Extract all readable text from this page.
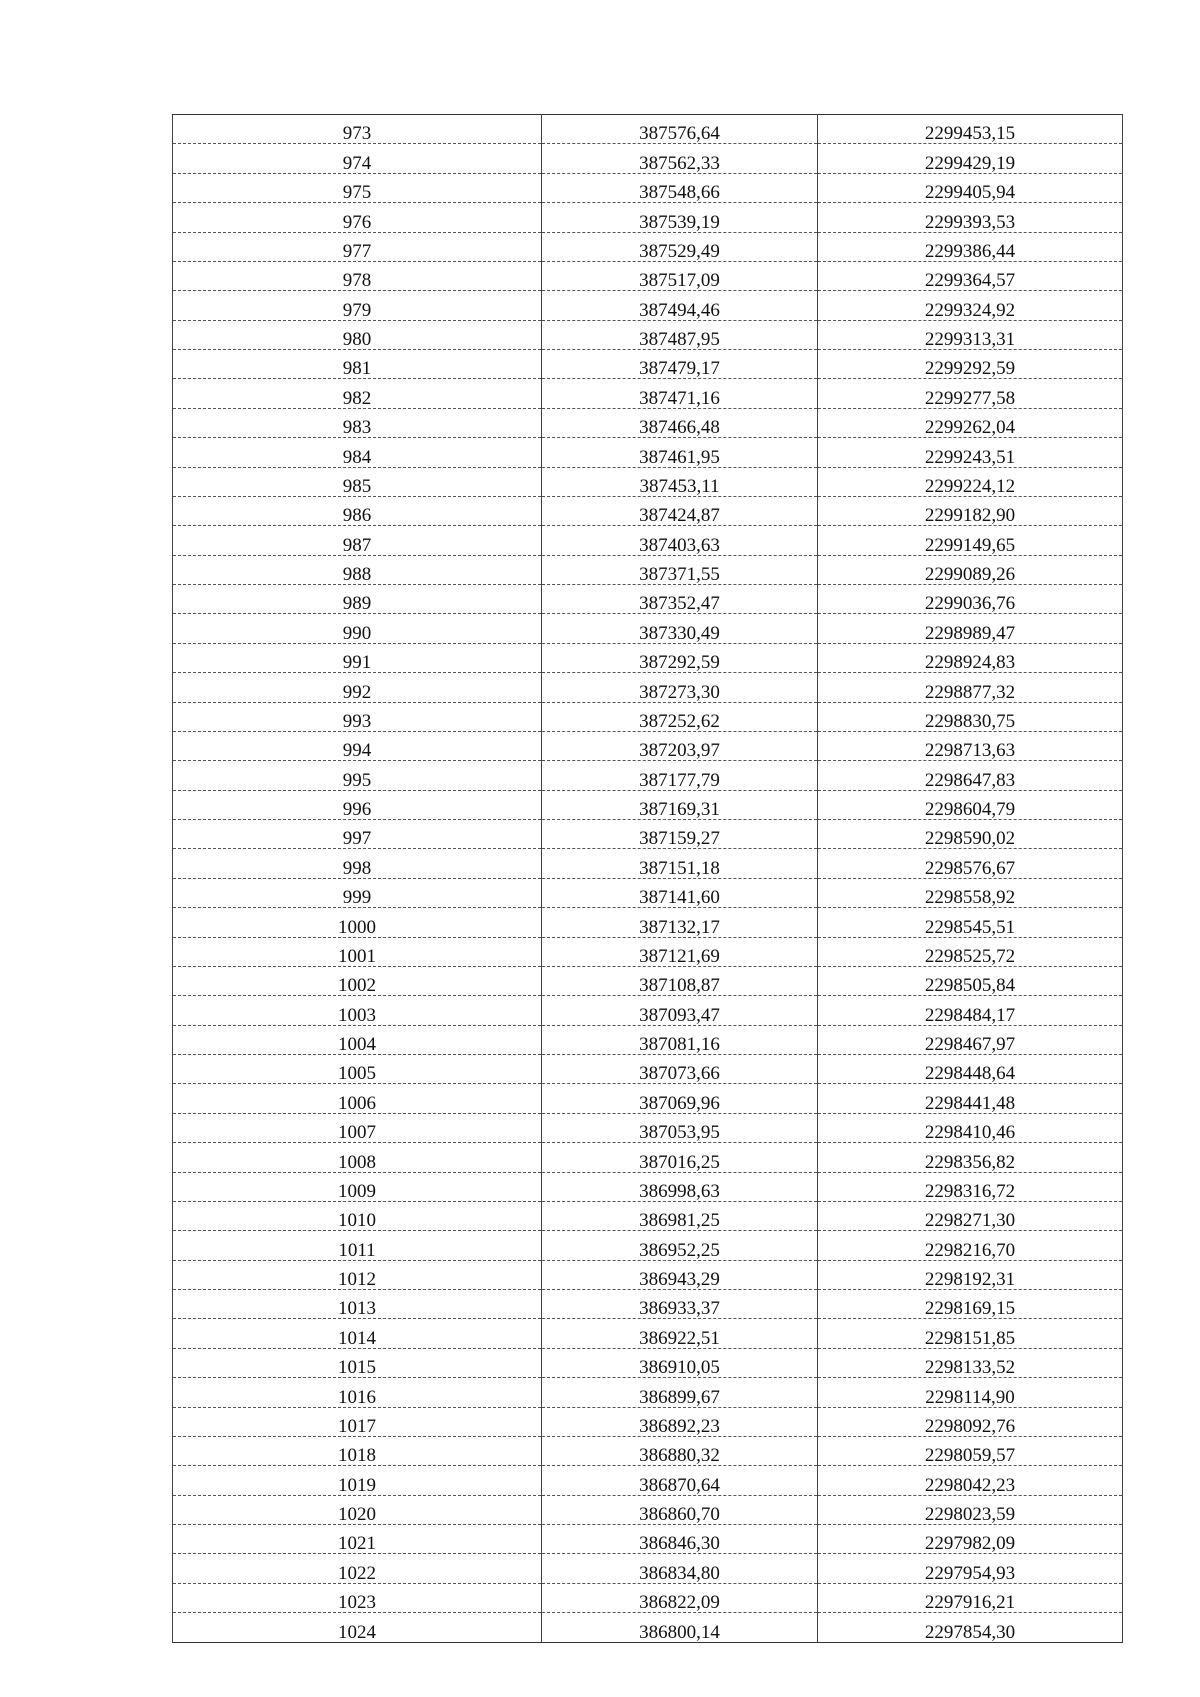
973	387576,64	2299453,15
974	387562,33	2299429,19
975	387548,66	2299405,94
976	387539,19	2299393,53
977	387529,49	2299386,44
978	387517,09	2299364,57
979	387494,46	2299324,92
980	387487,95	2299313,31
981	387479,17	2299292,59
982	387471,16	2299277,58
983	387466,48	2299262,04
984	387461,95	2299243,51
985	387453,11	2299224,12
986	387424,87	2299182,90
987	387403,63	2299149,65
988	387371,55	2299089,26
989	387352,47	2299036,76
990	387330,49	2298989,47
991	387292,59	2298924,83
992	387273,30	2298877,32
993	387252,62	2298830,75
994	387203,97	2298713,63
995	387177,79	2298647,83
996	387169,31	2298604,79
997	387159,27	2298590,02
998	387151,18	2298576,67
999	387141,60	2298558,92
1000	387132,17	2298545,51
1001	387121,69	2298525,72
1002	387108,87	2298505,84
1003	387093,47	2298484,17
1004	387081,16	2298467,97
1005	387073,66	2298448,64
1006	387069,96	2298441,48
1007	387053,95	2298410,46
1008	387016,25	2298356,82
1009	386998,63	2298316,72
1010	386981,25	2298271,30
1011	386952,25	2298216,70
1012	386943,29	2298192,31
1013	386933,37	2298169,15
1014	386922,51	2298151,85
1015	386910,05	2298133,52
1016	386899,67	2298114,90
1017	386892,23	2298092,76
1018	386880,32	2298059,57
1019	386870,64	2298042,23
1020	386860,70	2298023,59
1021	386846,30	2297982,09
1022	386834,80	2297954,93
1023	386822,09	2297916,21
1024	386800,14	2297854,30
